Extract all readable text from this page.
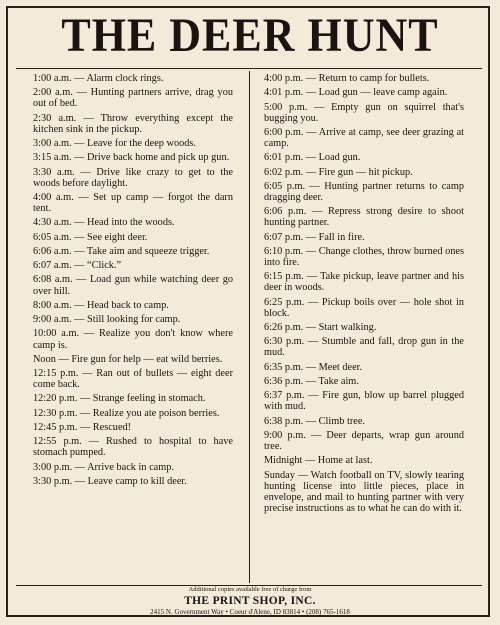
THE DEER HUNT
1:00 a.m. — Alarm clock rings.
2:00 a.m. — Hunting partners arrive, drag you out of bed.
2:30 a.m. — Throw everything except the kitchen sink in the pickup.
3:00 a.m. — Leave for the deep woods.
3:15 a.m. — Drive back home and pick up gun.
3:30 a.m. — Drive like crazy to get to the woods before daylight.
4:00 a.m. — Set up camp — forgot the darn tent.
4:30 a.m. — Head into the woods.
6:05 a.m. — See eight deer.
6:06 a.m. — Take aim and squeeze trigger.
6:07 a.m. — “Click.”
6:08 a.m. — Load gun while watching deer go over hill.
8:00 a.m. — Head back to camp.
9:00 a.m. — Still looking for camp.
10:00 a.m. — Realize you don't know where camp is.
Noon — Fire gun for help — eat wild berries.
12:15 p.m. — Ran out of bullets — eight deer come back.
12:20 p.m. — Strange feeling in stomach.
12:30 p.m. — Realize you ate poison berries.
12:45 p.m. — Rescued!
12:55 p.m. — Rushed to hospital to have stomach pumped.
3:00 p.m. — Arrive back in camp.
3:30 p.m. — Leave camp to kill deer.
4:00 p.m. — Return to camp for bullets.
4:01 p.m. — Load gun — leave camp again.
5:00 p.m. — Empty gun on squirrel that's bugging you.
6:00 p.m. — Arrive at camp, see deer grazing at camp.
6:01 p.m. — Load gun.
6:02 p.m. — Fire gun — hit pickup.
6:05 p.m. — Hunting partner returns to camp dragging deer.
6:06 p.m. — Repress strong desire to shoot hunting partner.
6:07 p.m. — Fall in fire.
6:10 p.m. — Change clothes, throw burned ones into fire.
6:15 p.m. — Take pickup, leave partner and his deer in woods.
6:25 p.m. — Pickup boils over — hole shot in block.
6:26 p.m. — Start walking.
6:30 p.m. — Stumble and fall, drop gun in the mud.
6:35 p.m. — Meet deer.
6:36 p.m. — Take aim.
6:37 p.m. — Fire gun, blow up barrel plugged with mud.
6:38 p.m. — Climb tree.
9:00 p.m. — Deer departs, wrap gun around tree.
Midnight — Home at last.
Sunday — Watch football on TV, slowly tearing hunting license into little pieces, place in envelope, and mail to hunting partner with very precise instructions as to what he can do with it.
Additional copies available free of charge from
THE PRINT SHOP, INC.
2415 N. Government Way • Coeur d'Alene, ID 83814 • (208) 765-1618
